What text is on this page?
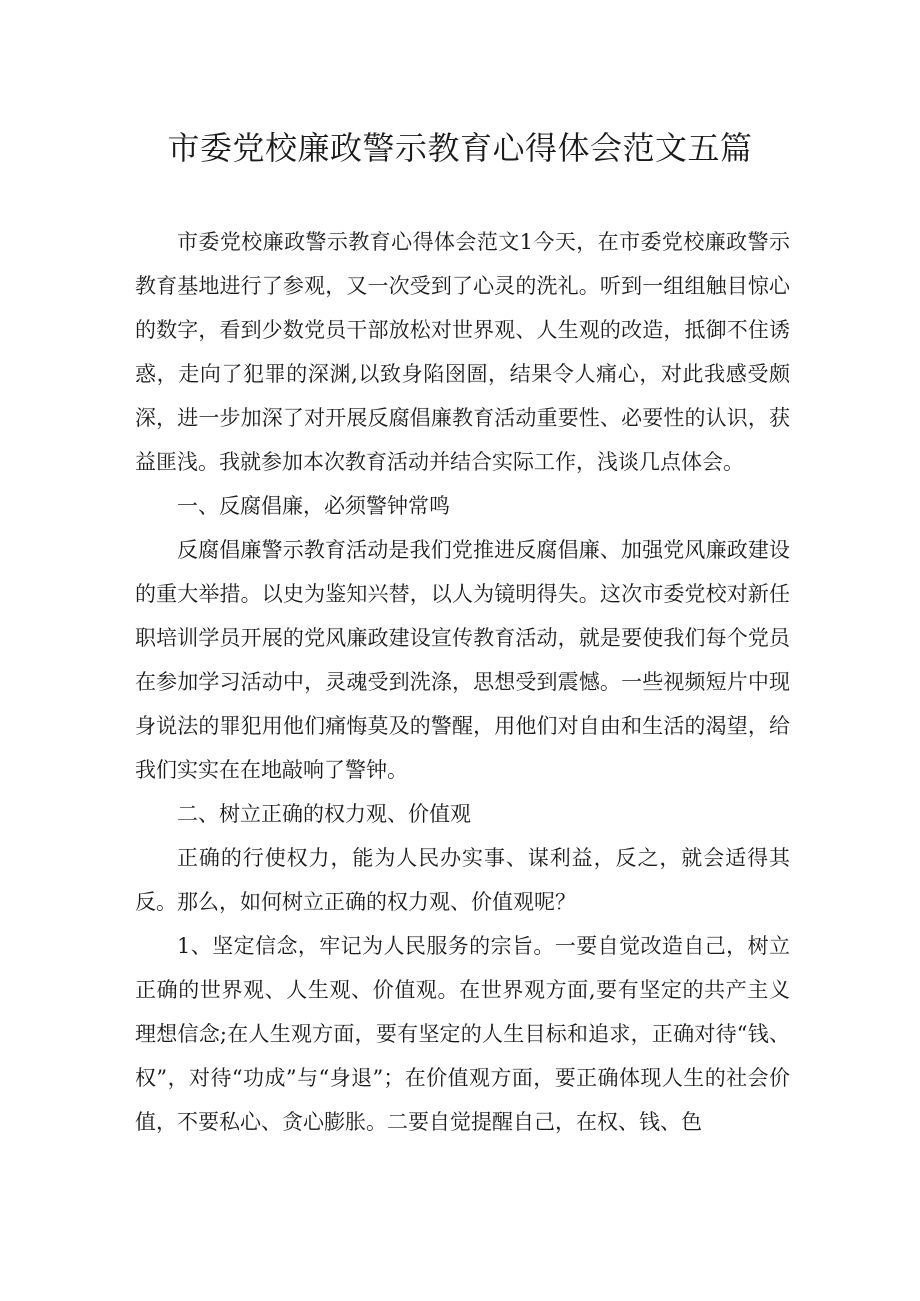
市委党校廉政警示教育心得体会范文五篇

市委党校廉政警示教育心得体会范文1今天，在市委党校廉政警示教育基地进行了参观，又一次受到了心灵的洗礼。听到一组组触目惊心的数字，看到少数党员干部放松对世界观、人生观的改造，抵御不住诱惑，走向了犯罪的深渊,以致身陷囹圄，结果令人痛心，对此我感受颇深，进一步加深了对开展反腐倡廉教育活动重要性、必要性的认识，获益匪浅。我就参加本次教育活动并结合实际工作，浅谈几点体会。

一、反腐倡廉，必须警钟常鸣

反腐倡廉警示教育活动是我们党推进反腐倡廉、加强党风廉政建设的重大举措。以史为鉴知兴替，以人为镜明得失。这次市委党校对新任职培训学员开展的党风廉政建设宣传教育活动，就是要使我们每个党员在参加学习活动中，灵魂受到洗涤，思想受到震憾。一些视频短片中现身说法的罪犯用他们痛悔莫及的警醒，用他们对自由和生活的渴望，给我们实实在在地敲响了警钟。

二、树立正确的权力观、价值观

正确的行使权力，能为人民办实事、谋利益，反之，就会适得其反。那么，如何树立正确的权力观、价值观呢？

1、坚定信念，牢记为人民服务的宗旨。一要自觉改造自己，树立正确的世界观、人生观、价值观。在世界观方面,要有坚定的共产主义理想信念;在人生观方面，要有坚定的人生目标和追求，正确对待“钱、权”，对待“功成”与“身退”；在价值观方面，要正确体现人生的社会价值，不要私心、贪心膨胀。二要自觉提醒自己，在权、钱、色
